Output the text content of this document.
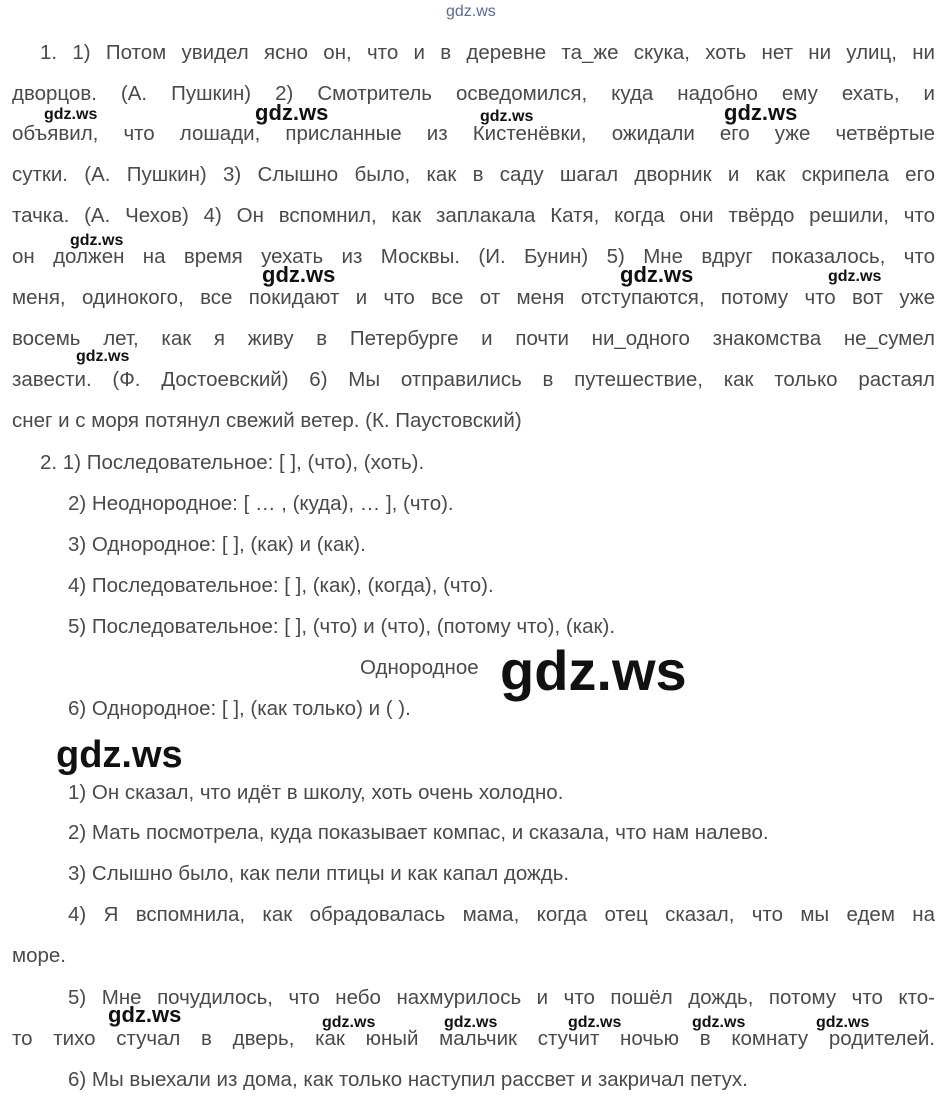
gdz.ws
1. 1) Потом увидел ясно он, что и в деревне та_же скука, хоть нет ни улиц, ни
дворцов. (А. Пушкин) 2) Смотритель осведомился, куда надобно ему ехать, и
объявил, что лошади, присланные из Кистенёвки, ожидали его уже четвёртые
сутки. (А. Пушкин) 3) Слышно было, как в саду шагал дворник и как скрипела его
тачка. (А. Чехов) 4) Он вспомнил, как заплакала Катя, когда они твёрдо решили, что
он должен на время уехать из Москвы. (И. Бунин) 5) Мне вдруг показалось, что
меня, одинокого, все покидают и что все от меня отступаются, потому что вот уже
восемь лет, как я живу в Петербурге и почти ни_одного знакомства не_сумел
завести. (Ф. Достоевский) 6) Мы отправились в путешествие, как только растаял
снег и с моря потянул свежий ветер. (К. Паустовский)
2. 1) Последовательное: [ ], (что), (хоть).
2) Неоднородное: [ … , (куда), … ], (что).
3) Однородное: [ ], (как) и (как).
4) Последовательное: [ ], (как), (когда), (что).
5) Последовательное: [ ], (что) и (что), (потому что), (как).
Однородное
6) Однородное: [ ], (как только) и ( ).
1) Он сказал, что идёт в школу, хоть очень холодно.
2) Мать посмотрела, куда показывает компас, и сказала, что нам налево.
3) Слышно было, как пели птицы и как капал дождь.
4) Я вспомнила, как обрадовалась мама, когда отец сказал, что мы едем на
море.
5) Мне почудилось, что небо нахмурилось и что пошёл дождь, потому что кто-
то тихо стучал в дверь, как юный мальчик стучит ночью в комнату родителей.
6) Мы выехали из дома, как только наступил рассвет и закричал петух.
gdz.ws	gdz.ws	gdz.ws	gdz.ws
gdz.ws
gdz.ws	gdz.ws	gdz.ws
gdz.ws
gdz.ws
gdz.ws
gdz.ws	gdz.ws	gdz.ws	gdz.ws	gdz.ws	gdz.ws
